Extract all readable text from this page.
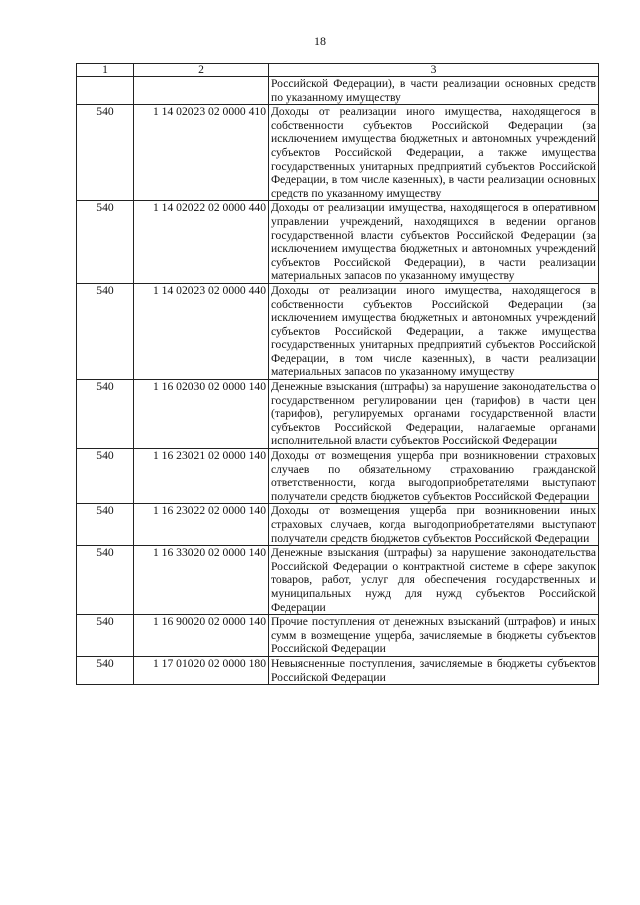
18
1	2	3
		Российской Федерации), в части реализации основных средств по указанному имуществу
540	1 14 02023 02 0000 410	Доходы от реализации иного имущества, находящегося в собственности субъектов Российской Федерации (за исключением имущества бюджетных и автономных учреждений субъектов Российской Федерации, а также имущества государственных унитарных предприятий субъектов Российской Федерации, в том числе казенных), в части реализации основных средств по указанному имуществу
540	1 14 02022 02 0000 440	Доходы от реализации имущества, находящегося в оперативном управлении учреждений, находящихся в ведении органов государственной власти субъектов Российской Федерации (за исключением имущества бюджетных и автономных учреждений субъектов Российской Федерации), в части реализации материальных запасов по указанному имуществу
540	1 14 02023 02 0000 440	Доходы от реализации иного имущества, находящегося в собственности субъектов Российской Федерации (за исключением имущества бюджетных и автономных учреждений субъектов Российской Федерации, а также имущества государственных унитарных предприятий субъектов Российской Федерации, в том числе казенных), в части реализации материальных запасов по указанному имуществу
540	1 16 02030 02 0000 140	Денежные взыскания (штрафы) за нарушение законодательства о государственном регулировании цен (тарифов) в части цен (тарифов), регулируемых органами государственной власти субъектов Российской Федерации, налагаемые органами исполнительной власти субъектов Российской Федерации
540	1 16 23021 02 0000 140	Доходы от возмещения ущерба при возникновении страховых случаев по обязательному страхованию гражданской ответственности, когда выгодоприобретателями выступают получатели средств бюджетов субъектов Российской Федерации
540	1 16 23022 02 0000 140	Доходы от возмещения ущерба при возникновении иных страховых случаев, когда выгодоприобретателями выступают получатели средств бюджетов субъектов Российской Федерации
540	1 16 33020 02 0000 140	Денежные взыскания (штрафы) за нарушение законодательства Российской Федерации о контрактной системе в сфере закупок товаров, работ, услуг для обеспечения государственных и муниципальных нужд для нужд субъектов Российской Федерации
540	1 16 90020 02 0000 140	Прочие поступления от денежных взысканий (штрафов) и иных сумм в возмещение ущерба, зачисляемые в бюджеты субъектов Российской Федерации
540	1 17 01020 02 0000 180	Невыясненные поступления, зачисляемые в бюджеты субъектов Российской Федерации
